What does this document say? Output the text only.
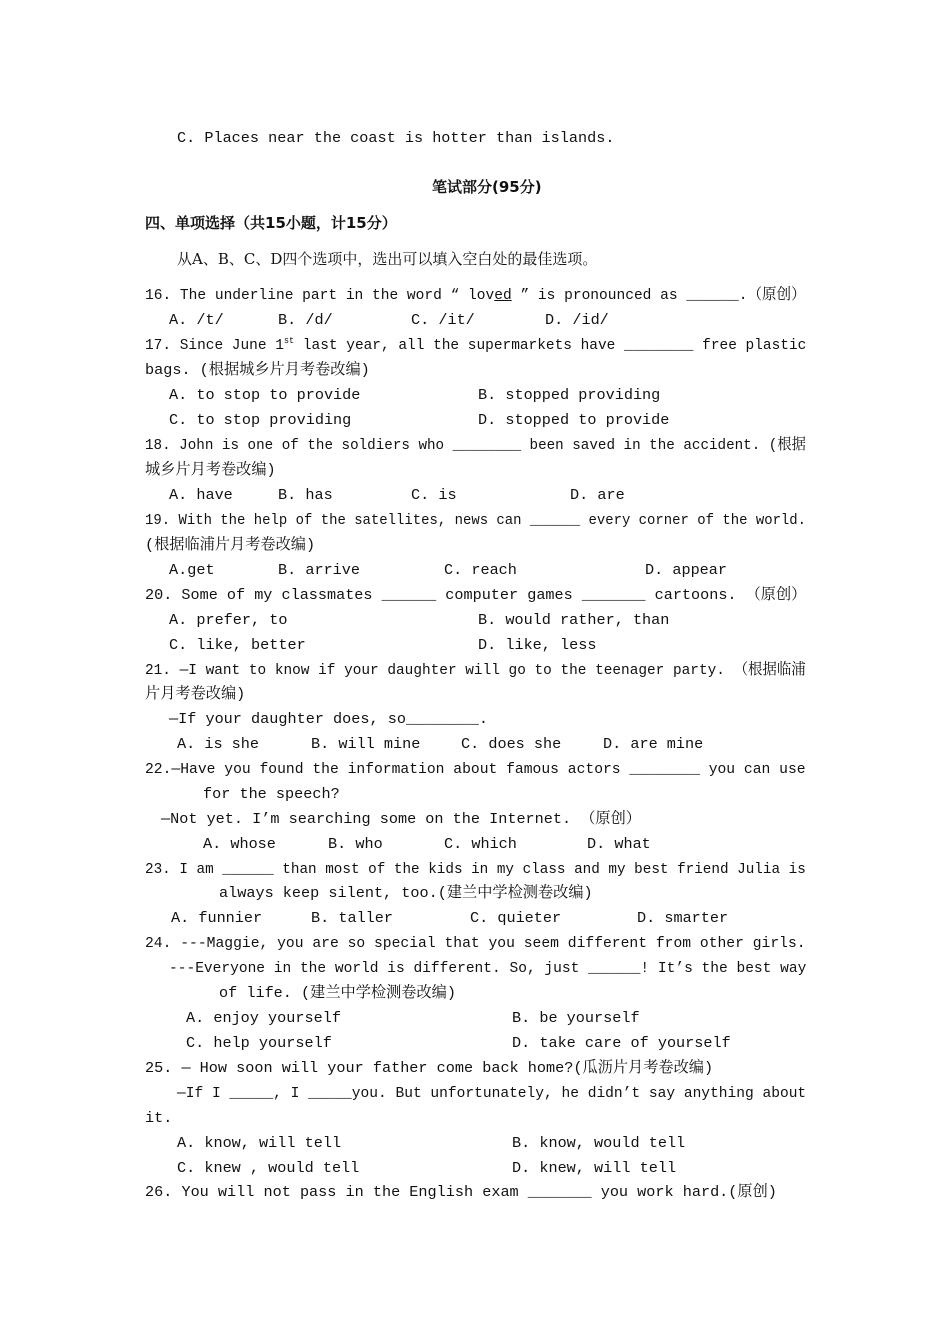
C. Places near the coast is hotter than islands.
笔试部分(95分)
四、单项选择（共15小题，计15分）
从A、B、C、D四个选项中，选出可以填入空白处的最佳选项。
16. The underline part in the word “ loved ” is pronounced as ______.（原创）
A. /t/	B. /d/	C. /it/	D. /id/
17. Since June 1st last year, all the supermarkets have ________ free plastic
bags. (根据城乡片月考卷改编)
A. to stop to provide	B. stopped providing
C. to stop providing	D. stopped to provide
18. John is one of the soldiers who ________ been saved in the accident. (根据
城乡片月考卷改编)
A. have	B. has	C. is	D. are
19. With the help of the satellites, news can ______ every corner of the world.
(根据临浦片月考卷改编)
A.get	B. arrive	C. reach	D. appear
20. Some of my classmates ______ computer games _______ cartoons. （原创）
A. prefer, to	B. would rather, than
C. like, better	D. like, less
21. —I want to know if your daughter will go to the teenager party. （根据临浦
片月考卷改编)
—If your daughter does, so________.
A. is she	B. will mine	C. does she	D. are mine
22.—Have you found the information about famous actors ________ you can use
for the speech?
—Not yet. I’m searching some on the Internet. （原创）
A. whose	B. who	C. which	D. what
23. I am ______ than most of the kids in my class and my best friend Julia is
always keep silent, too.(建兰中学检测卷改编)
A. funnier	B. taller	C. quieter	D. smarter
24. ---Maggie, you are so special that you seem different from other girls.
---Everyone in the world is different. So, just ______! It’s the best way
of life. (建兰中学检测卷改编)
A. enjoy yourself	B. be yourself
C. help yourself	D. take care of yourself
25. — How soon will your father come back home?(瓜沥片月考卷改编)
—If I _____, I _____you. But unfortunately, he didn’t say anything about
it.
A. know, will tell	B. know, would tell
C. knew , would tell	D. knew, will tell
26. You will not pass in the English exam _______ you work hard.(原创)
